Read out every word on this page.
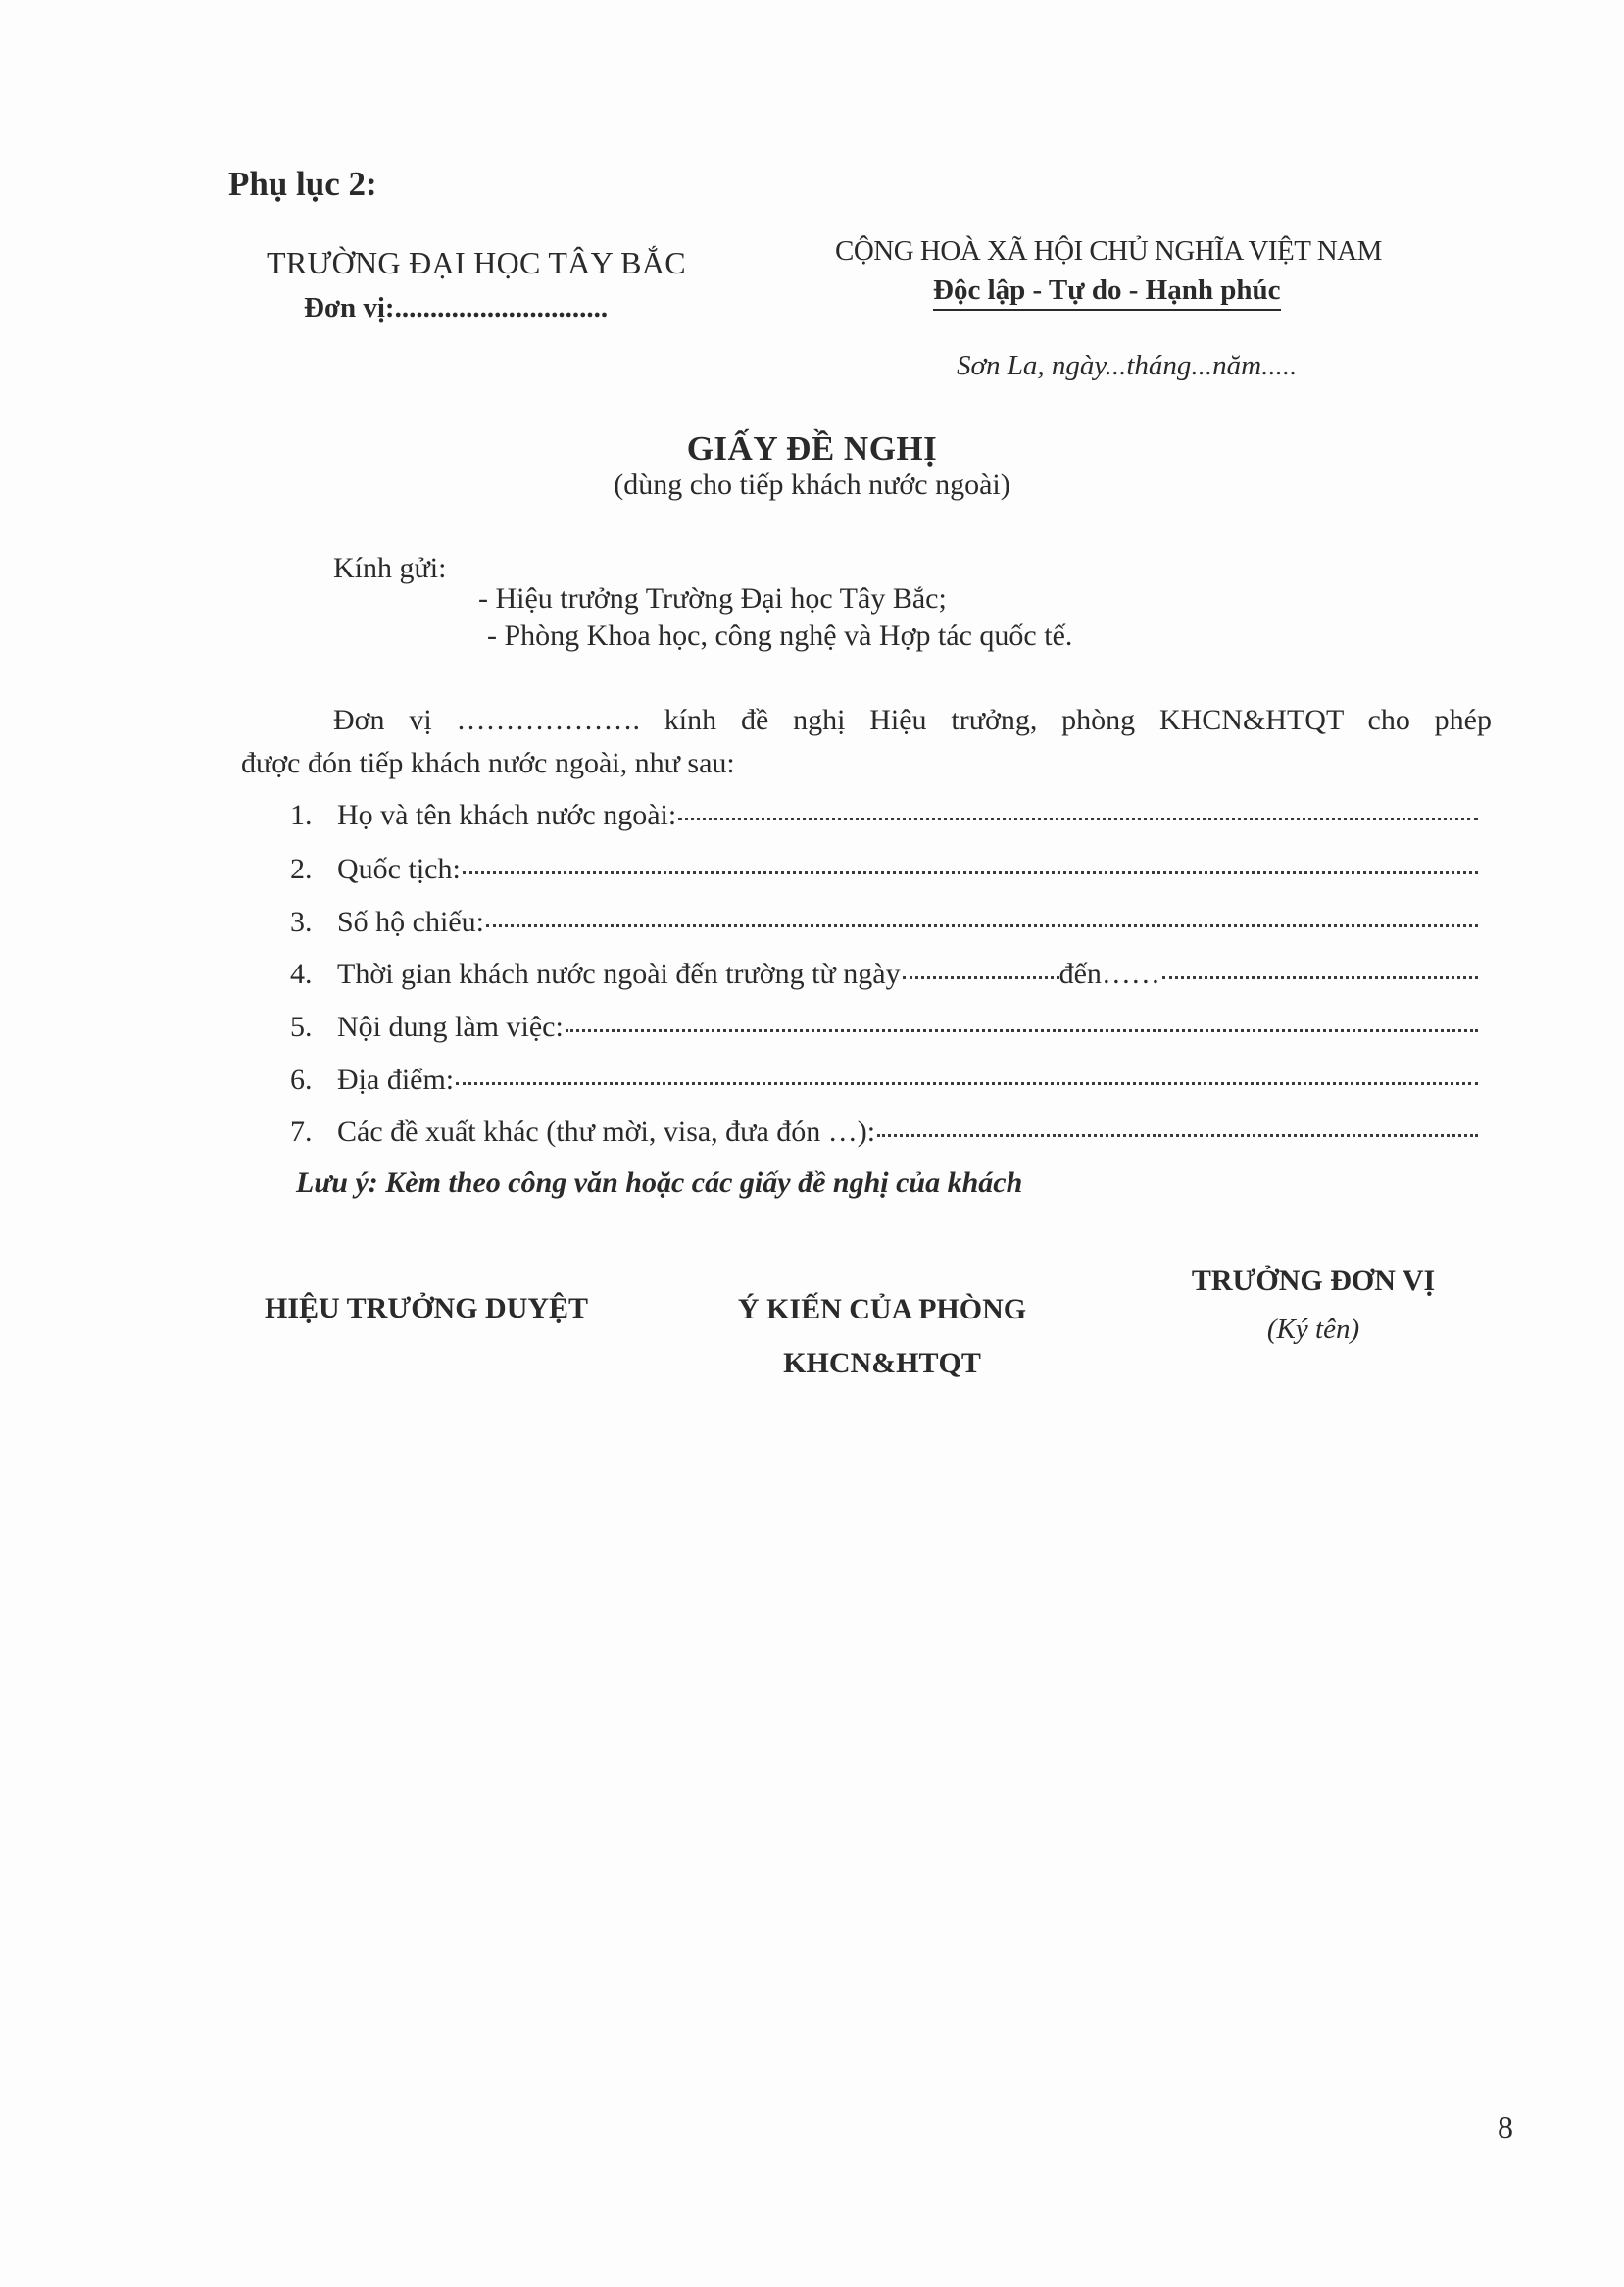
Phụ lục 2:
TRƯỜNG ĐẠI HỌC TÂY BẮC
Đơn vị:..............................
CỘNG HOÀ XÃ HỘI CHỦ NGHĨA VIỆT NAM
Độc lập - Tự do - Hạnh phúc
Sơn La, ngày...tháng...năm.....
GIẤY ĐỀ NGHỊ
(dùng cho tiếp khách nước ngoài)
Kính gửi:
- Hiệu trưởng Trường Đại học Tây Bắc;
- Phòng Khoa học, công nghệ và Hợp tác quốc tế.
Đơn vị ………………. kính đề nghị Hiệu trưởng, phòng KHCN&HTQT cho phép
được đón tiếp khách nước ngoài, như sau:
1. Họ và tên khách nước ngoài:
2. Quốc tịch:
3. Số hộ chiếu:
4. Thời gian khách nước ngoài đến trường từ ngày	đến……
5. Nội dung làm việc:
6. Địa điểm:
7. Các đề xuất khác (thư mời, visa, đưa đón …):
Lưu ý: Kèm theo công văn hoặc các giấy đề nghị của khách
HIỆU TRƯỞNG DUYỆT	Ý KIẾN CỦA PHÒNG KHCN&HTQT
TRƯỞNG ĐƠN VỊ
(Ký tên)
8
